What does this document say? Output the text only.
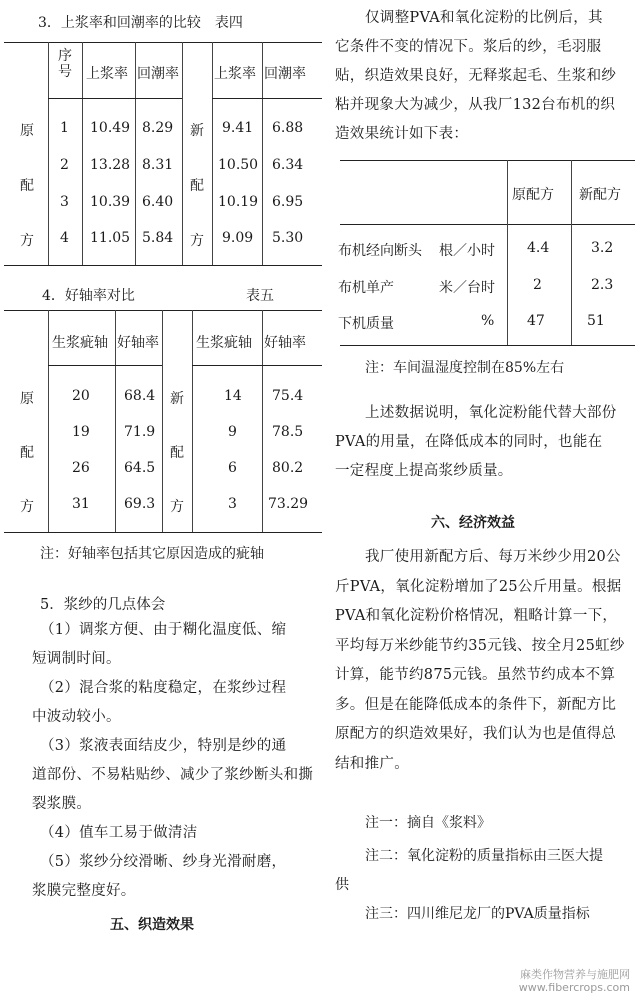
3．上浆率和回潮率的比较　表四
序号 上浆率 回潮率	上浆率 回潮率
原
配
方
新
配
方
1 10.49 8.29	9.41 6.88
2 13.28 8.31	10.50 6.34
3 10.39 6.40	10.19 6.95
4 11.05 5.84	9.09 5.30
4．好轴率对比	表五
生浆疵轴 好轴率	生浆疵轴 好轴率
原
配
方
新
配
方
20 68.4	14 75.4
19 71.9	9	78.5
26 64.5	6	80.2
31 69.3	3 73.29
注：好轴率包括其它原因造成的疵轴
5．浆纱的几点体会
（1）调浆方便、由于糊化温度低、缩
短调制时间。
（2）混合浆的粘度稳定，在浆纱过程
中波动较小。
（3）浆液表面结皮少，特别是纱的通
道部份、不易粘贴纱、减少了浆纱断头和撕
裂浆膜。
（4）值车工易于做清洁
（5）浆纱分绞滑晰、纱身光滑耐磨，
浆膜完整度好。
五、织造效果
仅调整PVA和氧化淀粉的比例后，其
它条件不变的情况下。浆后的纱，毛羽服
贴，织造效果良好，无释浆起毛、生浆和纱
粘并现象大为减少，从我厂132台布机的织
造效果统计如下表：
原配方 新配方
布机经向断头 根／小时 4.4	3.2
布机单产	米／台时	2	2.3
下机质量	% 47	51
注：车间温湿度控制在85%左右
上述数据说明，氧化淀粉能代替大部份
PVA的用量，在降低成本的同时，也能在
一定程度上提高浆纱质量。
六、经济效益
我厂使用新配方后、每万米纱少用20公
斤PVA，氧化淀粉增加了25公斤用量。根据
PVA和氧化淀粉价格情况，粗略计算一下，
平均每万米纱能节约35元钱、按全月25虹纱
计算，能节约875元钱。虽然节约成本不算
多。但是在能降低成本的条件下，新配方比
原配方的织造效果好，我们认为也是值得总
结和推广。
注一：摘自《浆料》
注二：氧化淀粉的质量指标由三医大提
供
注三：四川维尼龙厂的PVA质量指标
麻类作物营养与施肥网
www.fibercrops.com
